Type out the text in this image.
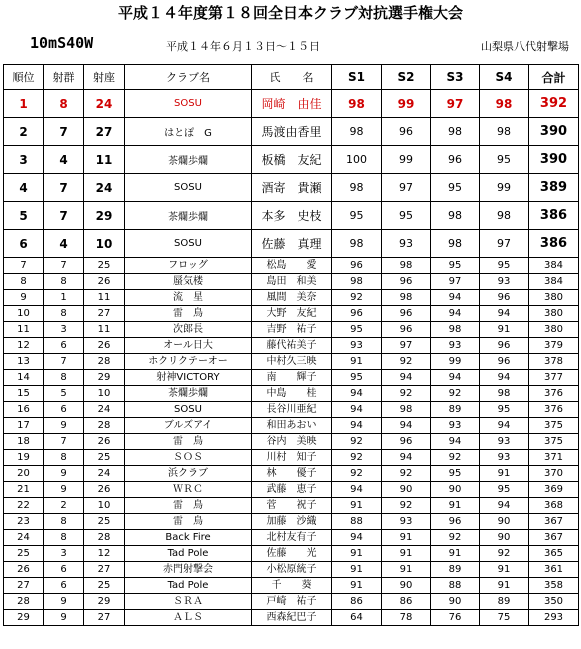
平成１４年度第１８回全日本クラブ対抗選手権大会
10mS40W	平成１４年６月１３日～１５日	山梨県八代射撃場
順位	射群	射座	クラブ名	氏　　名	S1	S2	S3	S4	合計
1	8	24	SOSU	岡崎　由佳	98	99	97	98	392
2	7	27	はとぽ　G	馬渡由香里	98	96	98	98	390
3	4	11	茶爛歩爛	板橋　友紀	100	99	96	95	390
4	7	24	SOSU	酒寄　貴瀬	98	97	95	99	389
5	7	29	茶爛歩爛	本多　史枝	95	95	98	98	386
6	4	10	SOSU	佐藤　真理	98	93	98	97	386
7	7	25	フロッグ	松島　　愛	96	98	95	95	384
8	8	26	蜃気楼	島田　和美	98	96	97	93	384
9	1	11	流　星	風間　美奈	92	98	94	96	380
10	8	27	雷　鳥	大野　友紀	96	96	94	94	380
11	3	11	次郎長	吉野　祐子	95	96	98	91	380
12	6	26	オール日大	藤代祐美子	93	97	93	96	379
13	7	28	ホクリクテーオー	中村久三映	91	92	99	96	378
14	8	29	射神VICTORY	南　　輝子	95	94	94	94	377
15	5	10	茶爛歩爛	中島　　桂	94	92	92	98	376
16	6	24	SOSU	長谷川亜紀	94	98	89	95	376
17	9	28	ブルズアイ	和田あおい	94	94	93	94	375
18	7	26	雷　鳥	谷内　美映	92	96	94	93	375
19	8	25	ＳＯＳ	川村　知子	92	94	92	93	371
20	9	24	浜クラブ	林　　優子	92	92	95	91	370
21	9	26	ＷＲＣ	武藤　恵子	94	90	90	95	369
22	2	10	雷　鳥	菅　　祝子	91	92	91	94	368
23	8	25	雷　鳥	加藤　沙織	88	93	96	90	367
24	8	28	Back Fire	北村友有子	94	91	92	90	367
25	3	12	Tad Pole	佐藤　　光	91	91	91	92	365
26	6	27	赤門射撃会	小松原統子	91	91	89	91	361
27	6	25	Tad Pole	千　　葵	91	90	88	91	358
28	9	29	ＳＲＡ	戸崎　祐子	86	86	90	89	350
29	9	27	ＡＬＳ	西森紀巴子	64	78	76	75	293
